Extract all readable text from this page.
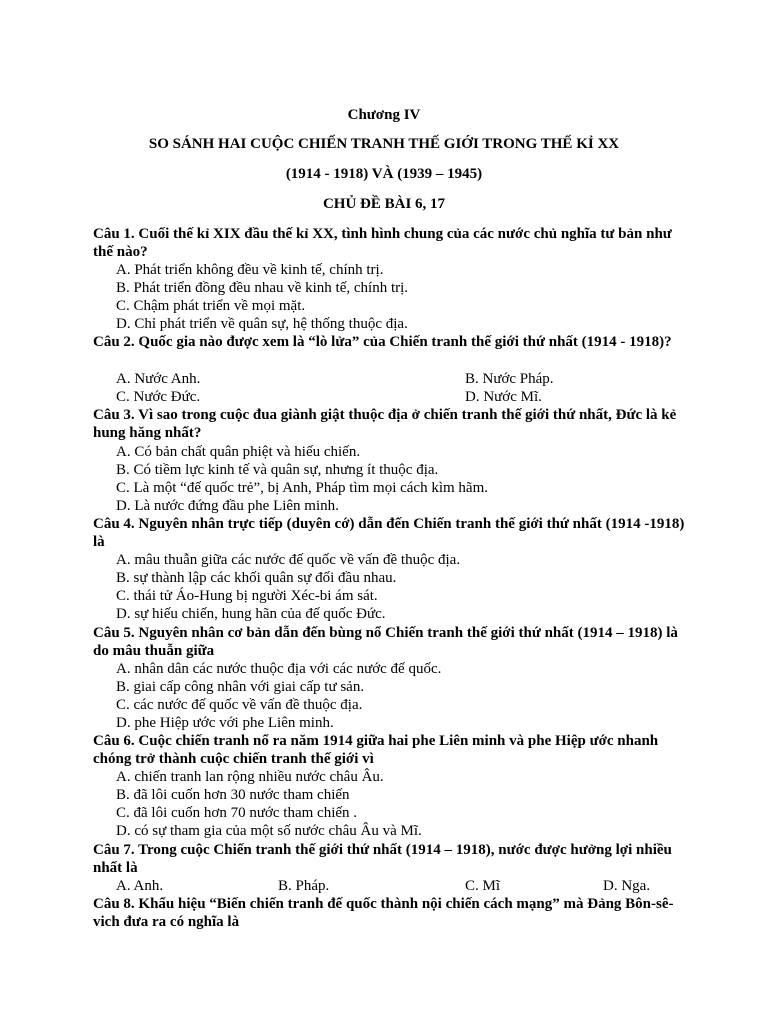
Chương IV
SO SÁNH HAI CUỘC CHIẾN TRANH THẾ GIỚI TRONG THẾ KỈ XX
(1914 - 1918) VÀ (1939 – 1945)
CHỦ ĐỀ BÀI 6, 17
Câu 1. Cuối thế kỉ XIX đầu thế kỉ XX, tình hình chung của các nước chủ nghĩa tư bản như thế nào?
A. Phát triển không đều về kinh tế, chính trị.
B. Phát triển đồng đều nhau về kinh tế, chính trị.
C. Chậm phát triển về mọi mặt.
D. Chỉ phát triển về quân sự, hệ thống thuộc địa.
Câu 2. Quốc gia nào được xem là “lò lửa” của Chiến tranh thế giới thứ nhất (1914 - 1918)?
A. Nước Anh.	B. Nước Pháp.
C. Nước Đức.	D. Nước Mĩ.
Câu 3. Vì sao trong cuộc đua giành giật thuộc địa ở chiến tranh thế giới thứ nhất, Đức là kẻ hung hăng nhất?
A. Có bản chất quân phiệt và hiếu chiến.
B. Có tiềm lực kinh tế và quân sự, nhưng ít thuộc địa.
C. Là một “đế quốc trẻ”, bị Anh, Pháp tìm mọi cách kìm hãm.
D. Là nước đứng đầu phe Liên minh.
Câu 4. Nguyên nhân trực tiếp (duyên cớ) dẫn đến Chiến tranh thế giới thứ nhất (1914 -1918) là
A. mâu thuẫn giữa các nước đế quốc về vấn đề thuộc địa.
B. sự thành lập các khối quân sự đối đầu nhau.
C. thái tử Áo-Hung bị người Xéc-bi ám sát.
D. sự hiếu chiến, hung hãn của đế quốc Đức.
Câu 5. Nguyên nhân cơ bản dẫn đến bùng nổ Chiến tranh thế giới thứ nhất (1914 – 1918) là do mâu thuẫn giữa
A. nhân dân các nước thuộc địa với các nước đế quốc.
B. giai cấp công nhân với giai cấp tư sản.
C. các nước đế quốc về vấn đề thuộc địa.
D. phe Hiệp ước với phe Liên minh.
Câu 6. Cuộc chiến tranh nổ ra năm 1914 giữa hai phe Liên minh và phe Hiệp ước nhanh chóng trở thành cuộc chiến tranh thế giới vì
A. chiến tranh lan rộng nhiều nước châu Âu.
B. đã lôi cuốn hơn 30 nước tham chiến
C. đã lôi cuốn hơn 70 nước tham chiến .
D. có sự tham gia của một số nước châu Âu và Mĩ.
Câu 7. Trong cuộc Chiến tranh thế giới thứ nhất (1914 – 1918), nước được hưởng lợi nhiều nhất là
A. Anh.	B. Pháp.	C. Mĩ	D. Nga.
Câu 8. Khẩu hiệu “Biến chiến tranh đế quốc thành nội chiến cách mạng” mà Đảng Bôn-sê-vich đưa ra có nghĩa là
